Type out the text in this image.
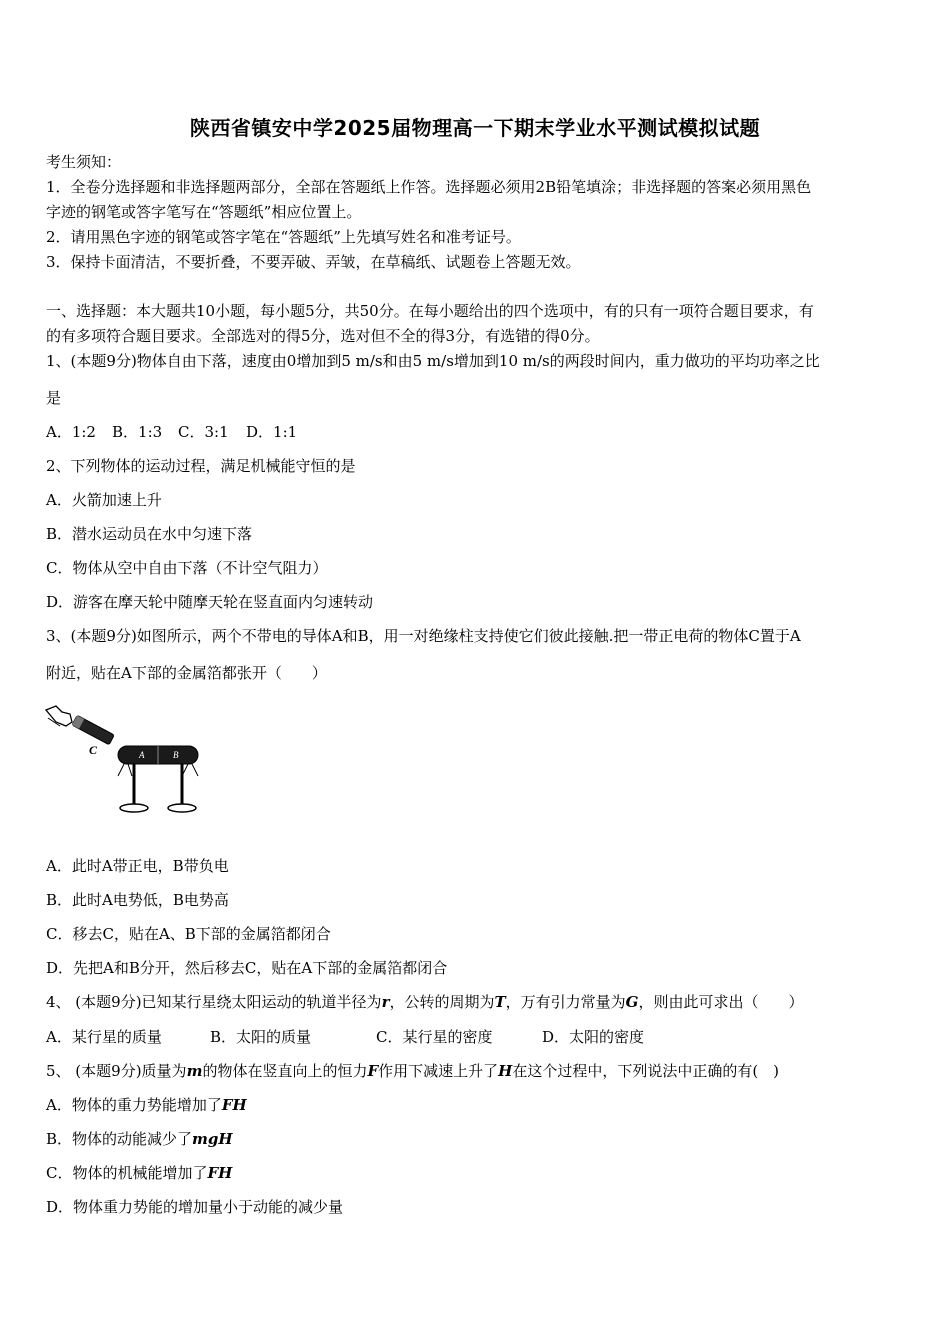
陕西省镇安中学2025届物理高一下期末学业水平测试模拟试题
考生须知：
1．全卷分选择题和非选择题两部分，全部在答题纸上作答。选择题必须用2B铅笔填涂；非选择题的答案必须用黑色
字迹的钢笔或答字笔写在“答题纸”相应位置上。
2．请用黑色字迹的钢笔或答字笔在“答题纸”上先填写姓名和准考证号。
3．保持卡面清洁，不要折叠，不要弄破、弄皱，在草稿纸、试题卷上答题无效。
一、选择题：本大题共10小题，每小题5分，共50分。在每小题给出的四个选项中，有的只有一项符合题目要求，有
的有多项符合题目要求。全部选对的得5分，选对但不全的得3分，有选错的得0分。
1、(本题9分)物体自由下落，速度由0增加到5 m/s和由5 m/s增加到10 m/s的两段时间内，重力做功的平均功率之比
是
A．1:2 B．1:3 C．3:1 D．1:1
2、下列物体的运动过程，满足机械能守恒的是
A．火箭加速上升
B．潜水运动员在水中匀速下落
C．物体从空中自由下落（不计空气阻力）
D．游客在摩天轮中随摩天轮在竖直面内匀速转动
3、(本题9分)如图所示，两个不带电的导体A和B，用一对绝缘柱支持使它们彼此接触.把一带正电荷的物体C置于A
附近，贴在A下部的金属箔都张开（　　）
C	A	B
A．此时A带正电，B带负电
B．此时A电势低，B电势高
C．移去C，贴在A、B下部的金属箔都闭合
D．先把A和B分开，然后移去C，贴在A下部的金属箔都闭合
4、 (本题9分)已知某行星绕太阳运动的轨道半径为r，公转的周期为T，万有引力常量为G，则由此可求出（　　）
A．某行星的质量	B．太阳的质量	C．某行星的密度	D．太阳的密度
5、 (本题9分)质量为m的物体在竖直向上的恒力F作用下减速上升了H在这个过程中，下列说法中正确的有(　)
A．物体的重力势能增加了FH
B．物体的动能减少了mgH
C．物体的机械能增加了FH
D．物体重力势能的增加量小于动能的减少量
